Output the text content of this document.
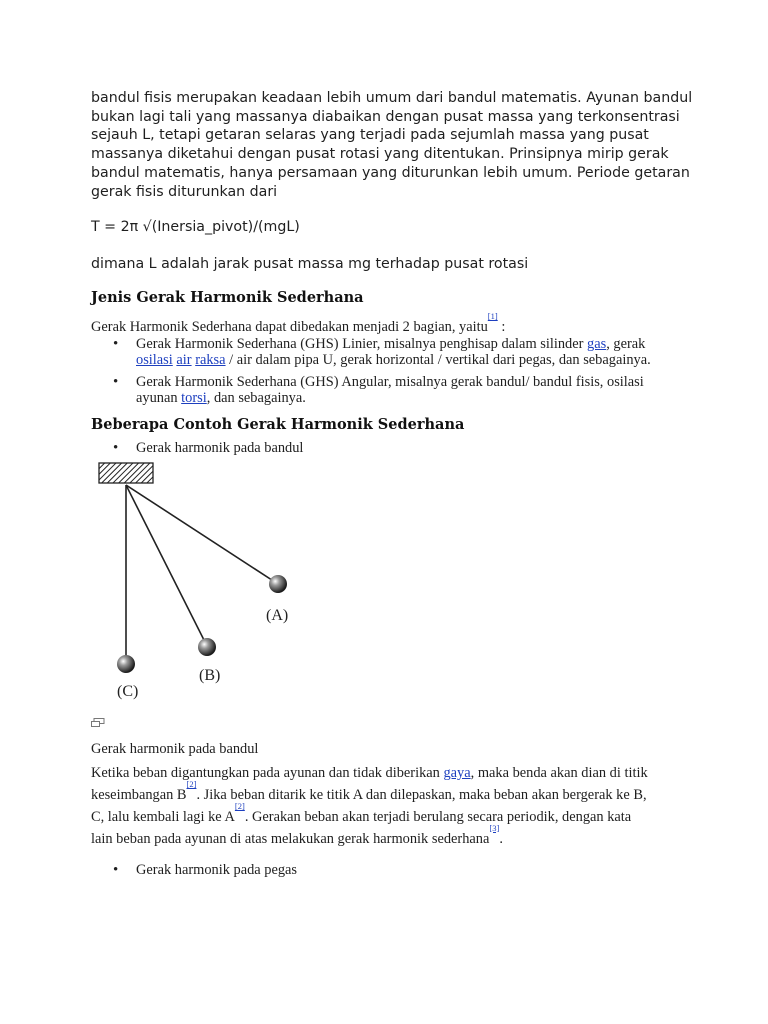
bandul fisis merupakan keadaan lebih umum dari bandul matematis. Ayunan bandul
bukan lagi tali yang massanya diabaikan dengan pusat massa yang terkonsentrasi
sejauh L, tetapi getaran selaras yang terjadi pada sejumlah massa yang pusat
massanya diketahui dengan pusat rotasi yang ditentukan. Prinsipnya mirip gerak
bandul matematis, hanya persamaan yang diturunkan lebih umum. Periode getaran
gerak fisis diturunkan dari
T = 2π √(Inersia_pivot)/(mgL)
dimana L adalah jarak pusat massa mg terhadap pusat rotasi
Jenis Gerak Harmonik Sederhana

Gerak Harmonik Sederhana dapat dibedakan menjadi 2 bagian, yaitu[1] :

• Gerak Harmonik Sederhana (GHS) Linier, misalnya penghisap dalam silinder gas, gerak
osilasi air raksa / air dalam pipa U, gerak horizontal / vertikal dari pegas, dan sebagainya.
• Gerak Harmonik Sederhana (GHS) Angular, misalnya gerak bandul/ bandul fisis, osilasi
ayunan torsi, dan sebagainya.
Beberapa Contoh Gerak Harmonik Sederhana
• Gerak harmonik pada bandul
(A)
(B)
(C)

Gerak harmonik pada bandul

Ketika beban digantungkan pada ayunan dan tidak diberikan gaya, maka benda akan dian di titik
keseimbangan B[2]. Jika beban ditarik ke titik A dan dilepaskan, maka beban akan bergerak ke B,
C, lalu kembali lagi ke A[2]. Gerakan beban akan terjadi berulang secara periodik, dengan kata
lain beban pada ayunan di atas melakukan gerak harmonik sederhana[3].

• Gerak harmonik pada pegas
